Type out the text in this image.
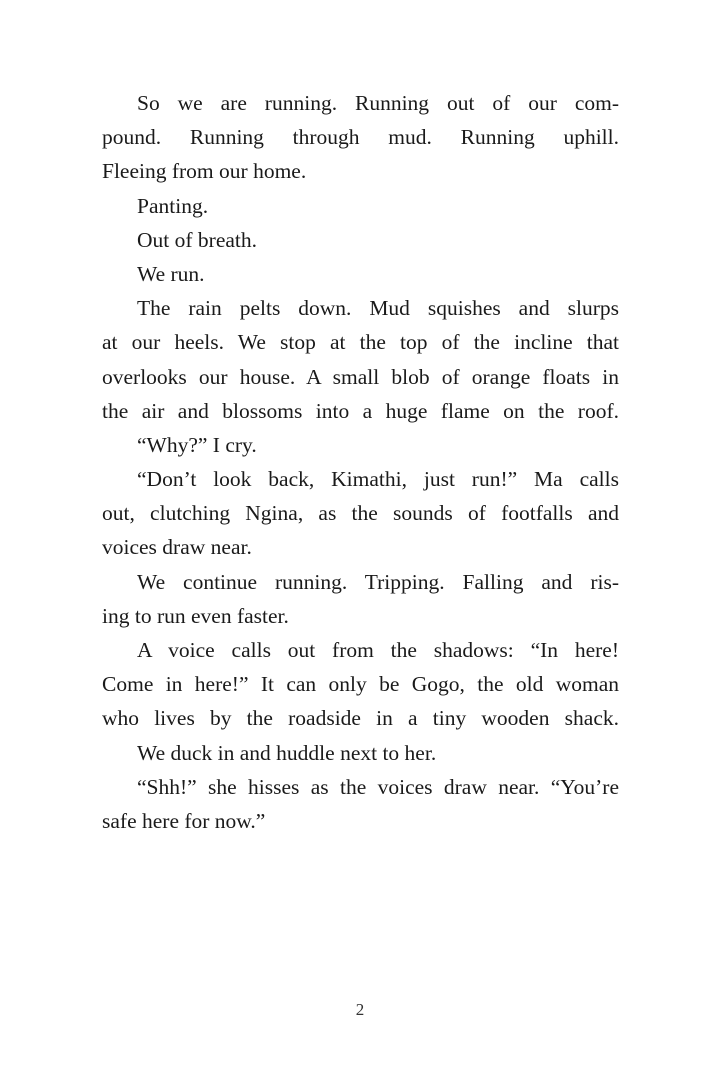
So we are running. Running out of our com-
pound. Running through mud. Running uphill.
Fleeing from our home.
Panting.
Out of breath.
We run.
The rain pelts down. Mud squishes and slurps
at our heels. We stop at the top of the incline that
overlooks our house. A small blob of orange floats in
the air and blossoms into a huge flame on the roof.
“Why?” I cry.
“Don’t look back, Kimathi, just run!” Ma calls
out, clutching Ngina, as the sounds of footfalls and
voices draw near.
We continue running. Tripping. Falling and ris-
ing to run even faster.
A voice calls out from the shadows: “In here!
Come in here!” It can only be Gogo, the old woman
who lives by the roadside in a tiny wooden shack.
We duck in and huddle next to her.
“Shh!” she hisses as the voices draw near. “You’re
safe here for now.”
2
